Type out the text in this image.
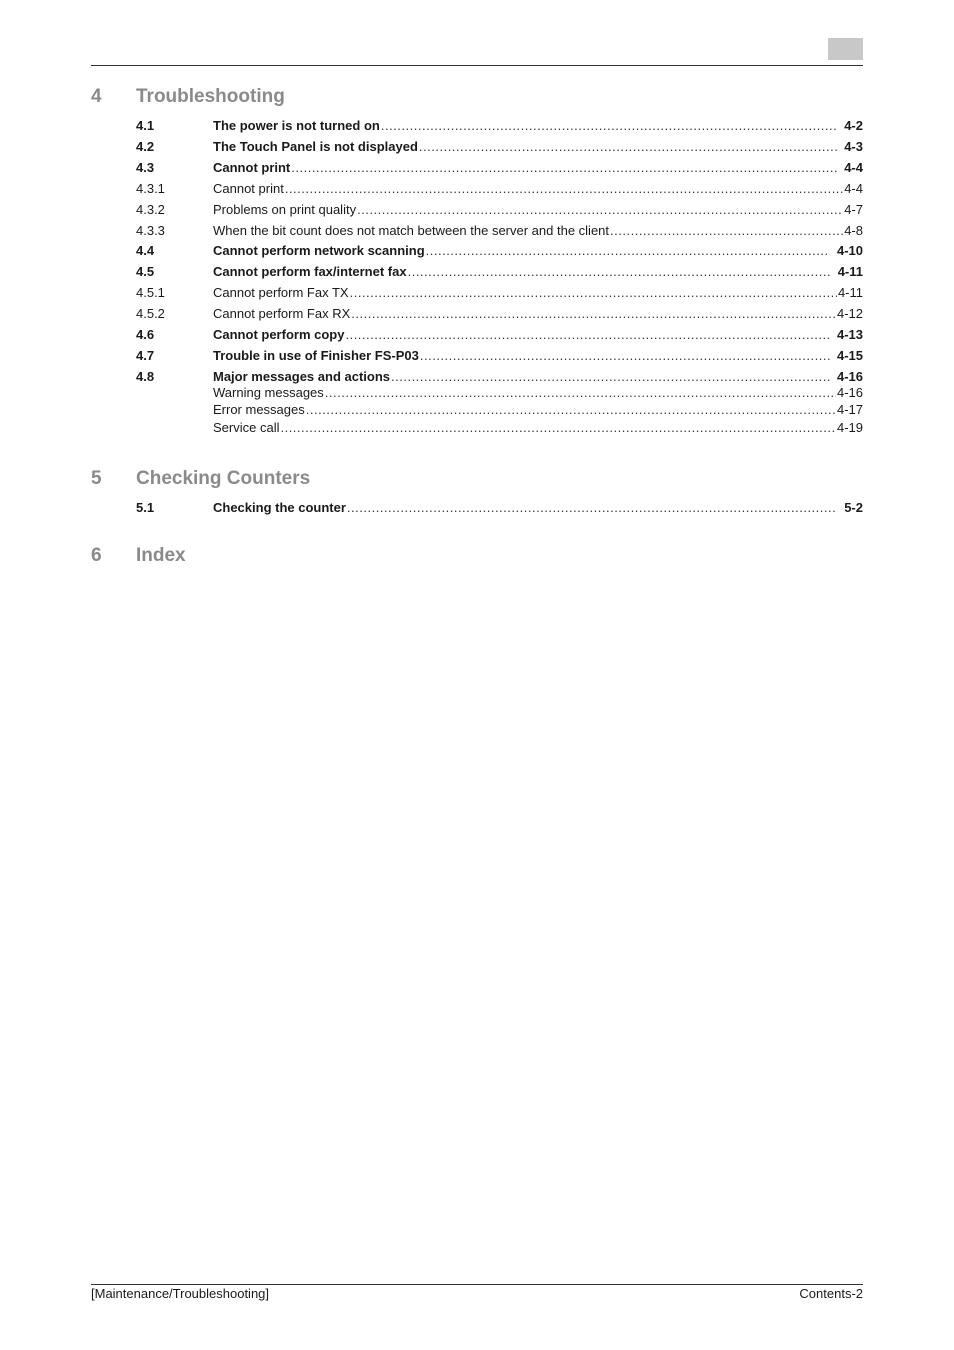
4 Troubleshooting
4.1	The power is not turned on .....	4-2
4.2	The Touch Panel is not displayed .....	4-3
4.3	Cannot print .....	4-4
4.3.1	Cannot print .....	4-4
4.3.2	Problems on print quality .....	4-7
4.3.3	When the bit count does not match between the server and the client .....	4-8
4.4	Cannot perform network scanning .....	4-10
4.5	Cannot perform fax/internet fax .....	4-11
4.5.1	Cannot perform Fax TX .....	4-11
4.5.2	Cannot perform Fax RX .....	4-12
4.6	Cannot perform copy .....	4-13
4.7	Trouble in use of Finisher FS-P03 .....	4-15
4.8	Major messages and actions .....	4-16
Warning messages .....	4-16
Error messages .....	4-17
Service call .....	4-19
5 Checking Counters
5.1	Checking the counter .....	5-2
6 Index
[Maintenance/Troubleshooting]	Contents-2
